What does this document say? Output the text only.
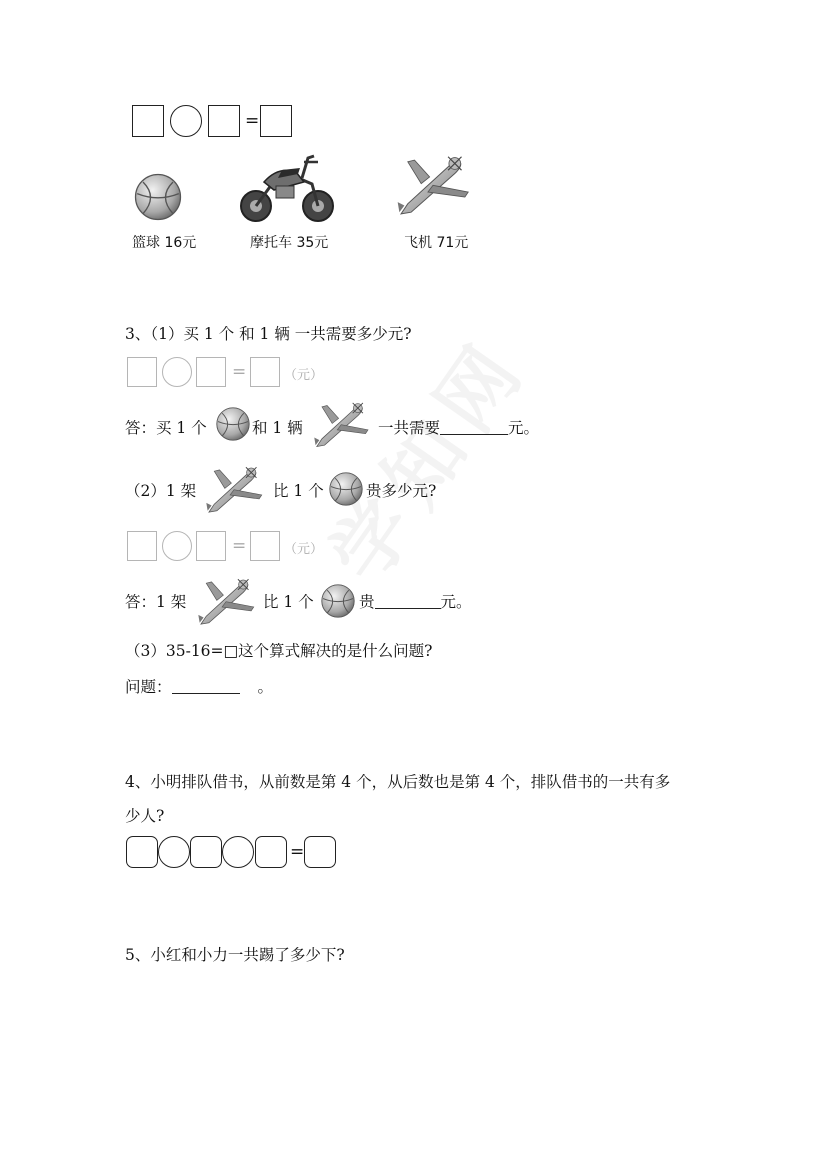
=
篮球 16元	摩托车 35元	飞机 71元
3、（1）买 1 个 和 1 辆 一共需要多少元?
=	（元）
答：买 1 个	和 1 辆	一共需要	元。
（2）1 架	比 1 个	贵多少元?
=	（元）
答：1 架	比 1 个	贵	元。
（3）35-16=□这个算式解决的是什么问题?
问题：	。
4、小明排队借书，从前数是第 4 个，从后数也是第 4 个，排队借书的一共有多
少人?
=
5、小红和小力一共踢了多少下?
